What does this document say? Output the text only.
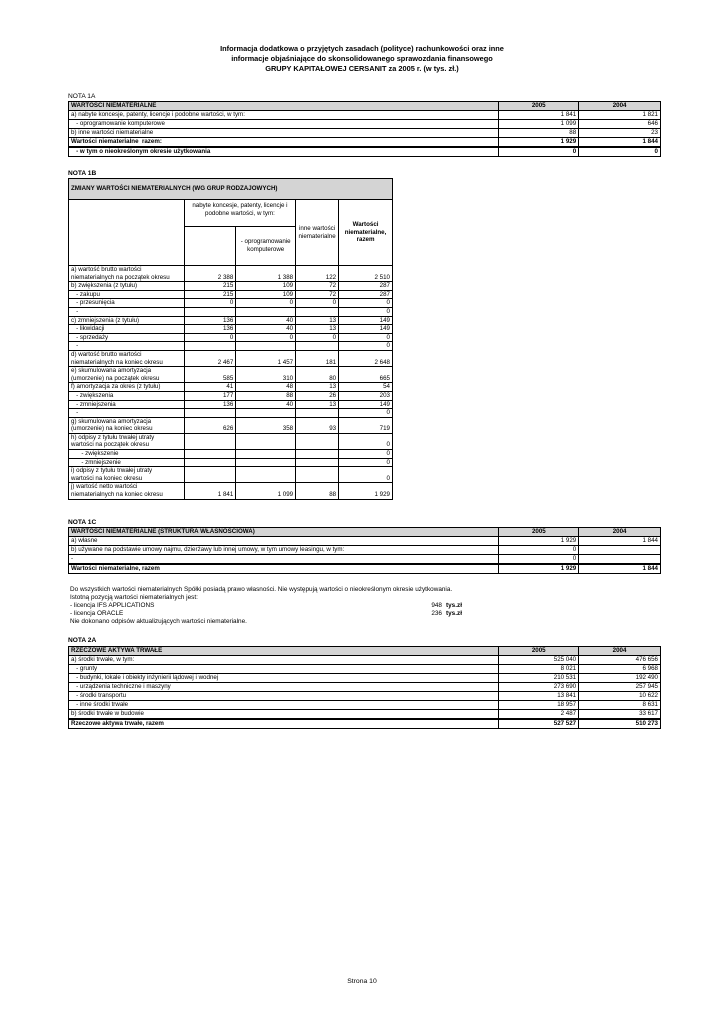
Informacja dodatkowa o przyjętych zasadach (polityce) rachunkowości oraz inne
informacje objaśniające do skonsolidowanego sprawozdania finansowego
GRUPY KAPITAŁOWEJ CERSANIT za 2005 r. (w tys. zł.)
NOTA 1A
WARTOŚCI NIEMATERIALNE	2005	2004
a) nabyte koncesje, patenty, licencje i podobne wartości, w tym:	1 841	1 821
- oprogramowanie komputerowe	1 099	646
b) inne wartości niematerialne	88	23
Wartości niematerialne  razem:	1 929	1 844
- w tym o nieokreślonym okresie użytkowania	0	0
NOTA 1B
ZMIANY WARTOŚCI NIEMATERIALNYCH (WG GRUP RODZAJOWYCH)				
	nabyte koncesje, patenty, licencje i podobne wartości, w tym:		inne wartości niematerialne	Wartości niematerialne, razem
		- oprogramowanie komputerowe		
a) wartość brutto wartości
niematerialnych na początek okresu	2 388	1 388	122	2 510
b) zwiększenia (z tytułu)	215	109	72	287
- zakupu	215	109	72	287
- przesunięcia	0	0	0	0
-				0
c) zmniejszenia (z tytułu)	136	40	13	149
- likwidacji	136	40	13	149
- sprzedaży	0	0	0	0
-				0
d) wartość brutto wartości
niematerialnych na koniec okresu	2 467	1 457	181	2 648
e) skumulowana amortyzacja
(umorzenie) na początek okresu	585	310	80	665
f) amortyzacja za okres (z tytułu)	41	48	13	54
- zwiększenia	177	88	26	203
- zmniejszenia	136	40	13	149
-				0
g) skumulowana amortyzacja
(umorzenie) na koniec okresu	626	358	93	719
h) odpisy z tytułu trwałej utraty
wartości na początek okresu				0
- zwiększenie				0
- zmniejszenie				0
i) odpisy z tytułu trwałej utraty
wartości na koniec okresu				0
j) wartość netto wartości
niematerialnych na koniec okresu	1 841	1 099	88	1 929
NOTA 1C
WARTOŚCI NIEMATERIALNE (STRUKTURA WŁASNOŚCIOWA)	2005	2004
a) własne	1 929	1 844
b) używane na podstawie umowy najmu, dzierżawy lub innej umowy, w tym umowy leasingu, w tym:	0	
-	0	
Wartości niematerialne, razem	1 929	1 844
Do wszystkich wartości niematerialnych Spółki posiadą prawo własności. Nie występują wartości o nieokreślonym okresie użytkowania.
Istotną pozycją wartości niematerialnych jest:
- licencja IFS APPLICATIONS	948 tys.zł
- licencja ORACLE	236 tys.zł
Nie dokonano odpisów aktualizujących wartości niematerialne.
NOTA 2A
RZECZOWE AKTYWA TRWAŁE	2005	2004
a) środki trwałe, w tym:	525 040	476 656
- grunty	8 021	6 968
- budynki, lokale i obiekty inżynierii lądowej i wodnej	210 531	192 490
- urządzenia techniczne i maszyny	273 690	257 945
- środki transportu	13 841	10 622
- inne środki trwałe	18 957	8 631
b) środki trwałe w budowie	2 487	33 617
Rzeczowe aktywa trwałe, razem	527 527	510 273
Strona 10
